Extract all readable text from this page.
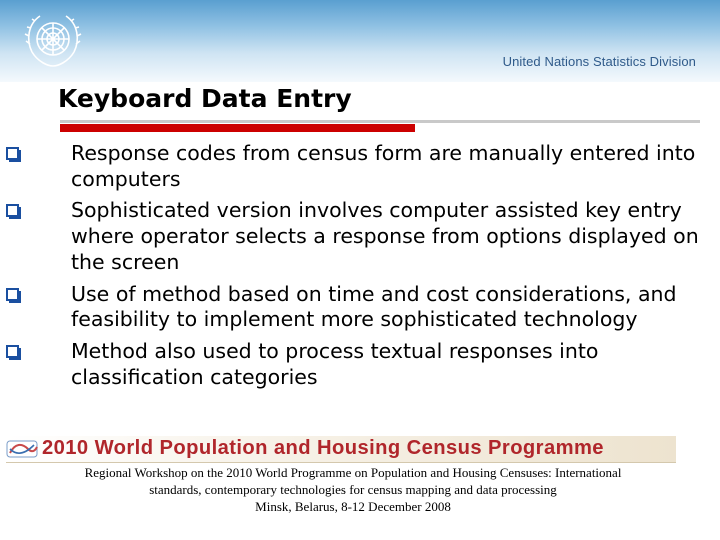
United Nations Statistics Division
Keyboard Data Entry
Response codes from census form are manually entered into computers
Sophisticated version involves computer assisted key entry where operator selects a response from options displayed on the screen
Use of method based on time and cost considerations, and feasibility to implement more sophisticated technology
Method also used to process textual responses into classification categories
2010 World Population and Housing Census Programme
Regional Workshop on the 2010 World Programme on Population and Housing Censuses: International
standards, contemporary technologies for census mapping and data processing
Minsk, Belarus, 8-12 December 2008
